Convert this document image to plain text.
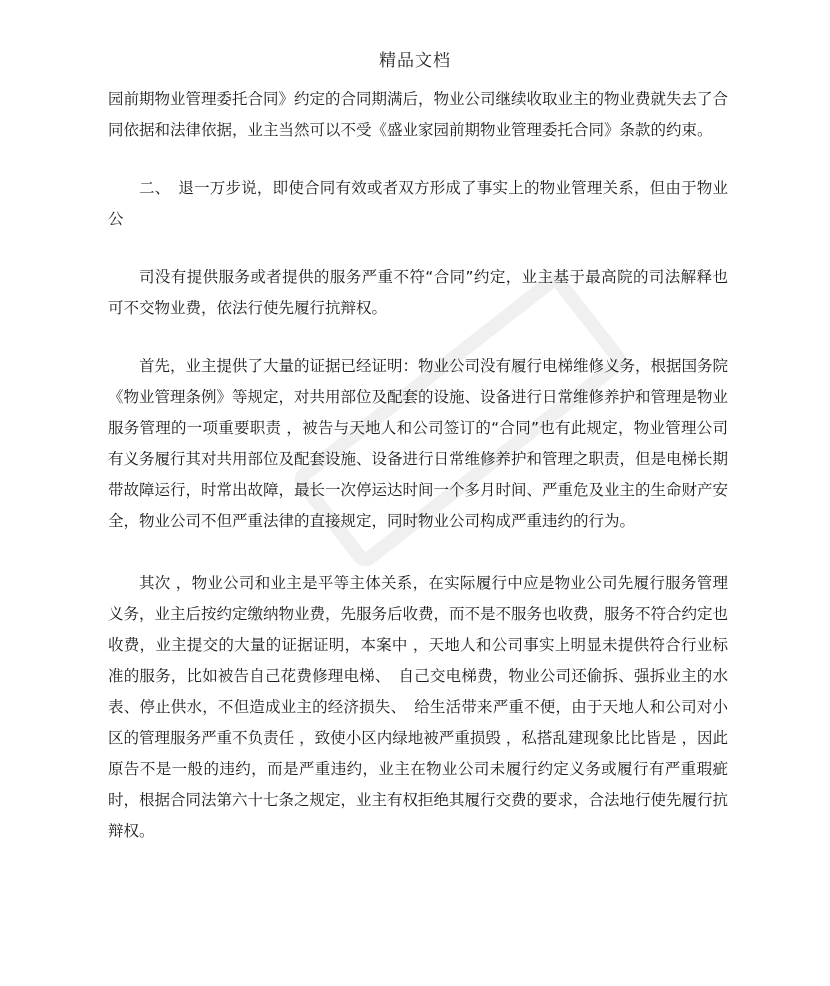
精品文档

园前期物业管理委托合同》约定的合同期满后，物业公司继续收取业主的物业费就失去了合同依据和法律依据，业主当然可以不受《盛业家园前期物业管理委托合同》条款的约束。

二、　退一万步说，即使合同有效或者双方形成了事实上的物业管理关系，但由于物业公

司没有提供服务或者提供的服务严重不符“合同”约定，业主基于最高院的司法解释也可不交物业费，依法行使先履行抗辩权。

首先，业主提供了大量的证据已经证明：物业公司没有履行电梯维修义务，根据国务院《物业管理条例》等规定，对共用部位及配套的设施、设备进行日常维修养护和管理是物业服务管理的一项重要职责 ，被告与天地人和公司签订的“合同”也有此规定，物业管理公司有义务履行其对共用部位及配套设施、设备进行日常维修养护和管理之职责，但是电梯长期带故障运行，时常出故障，最长一次停运达时间一个多月时间、严重危及业主的生命财产安全，物业公司不但严重法律的直接规定，同时物业公司构成严重违约的行为。

其次 ，物业公司和业主是平等主体关系，在实际履行中应是物业公司先履行服务管理义务，业主后按约定缴纳物业费，先服务后收费，而不是不服务也收费，服务不符合约定也收费，业主提交的大量的证据证明，本案中 ，天地人和公司事实上明显未提供符合行业标准的服务，比如被告自己花费修理电梯、　自己交电梯费，物业公司还偷拆、强拆业主的水表、停止供水，不但造成业主的经济损失、　给生活带来严重不便，由于天地人和公司对小区的管理服务严重不负责任 ，致使小区内绿地被严重损毁 ，私搭乱建现象比比皆是 ，因此原告不是一般的违约，而是严重违约，业主在物业公司未履行约定义务或履行有严重瑕疵时，根据合同法第六十七条之规定，业主有权拒绝其履行交费的要求，合法地行使先履行抗辩权。
